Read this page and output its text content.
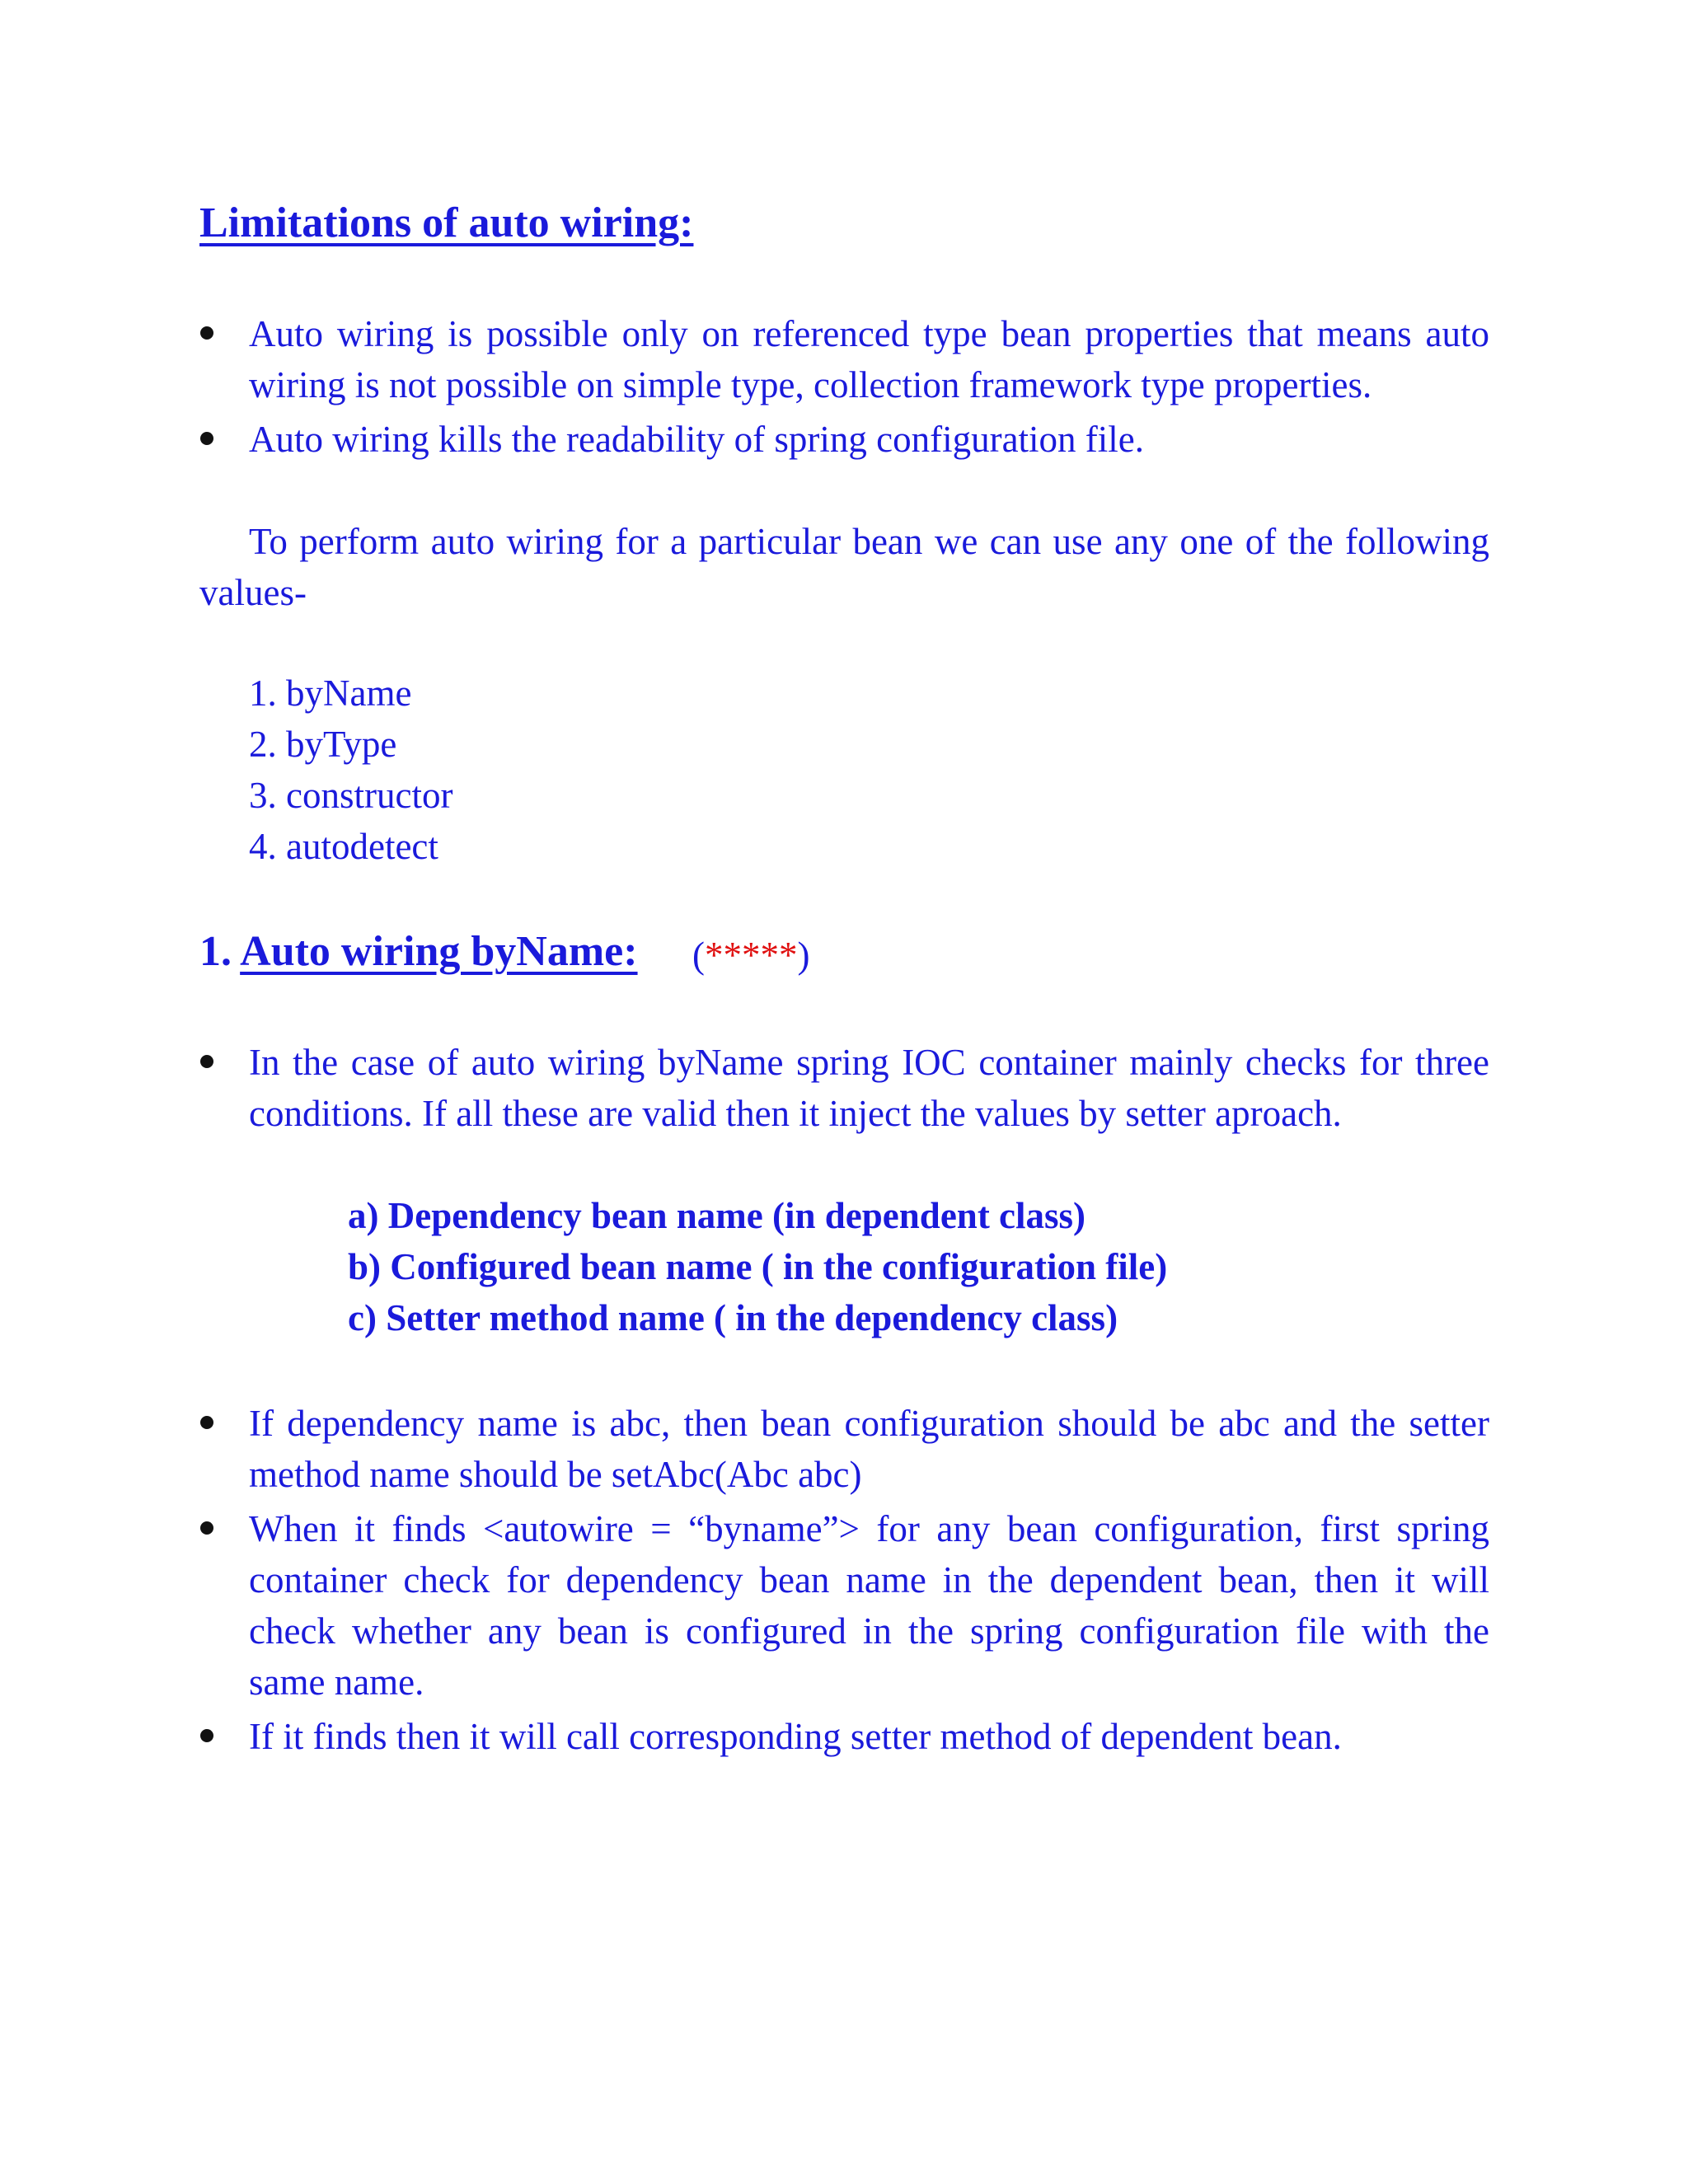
Limitations of auto wiring:
Auto wiring is possible only on referenced type bean properties that means auto
wiring is not possible on simple type, collection framework type properties.
Auto wiring kills the readability of spring configuration file.
To perform auto wiring for a particular bean we can use any one of the following
values-
1. byName
2. byType
3. constructor
4. autodetect
1. Auto wiring byName: (*****)
In the case of auto wiring byName spring IOC container mainly checks for three
conditions. If all these are valid then it inject the values by setter aproach.
a) Dependency bean name (in dependent class)
b) Configured bean name ( in the configuration file)
c) Setter method name ( in the dependency class)
If dependency name is abc, then bean configuration should be abc and the setter
method name should be setAbc(Abc abc)
When it finds <autowire = “byname”> for any bean configuration, first spring
container check for dependency bean name in the dependent bean, then it will
check whether any bean is configured in the spring configuration file with the
same name.
If it finds then it will call corresponding setter method of dependent bean.
